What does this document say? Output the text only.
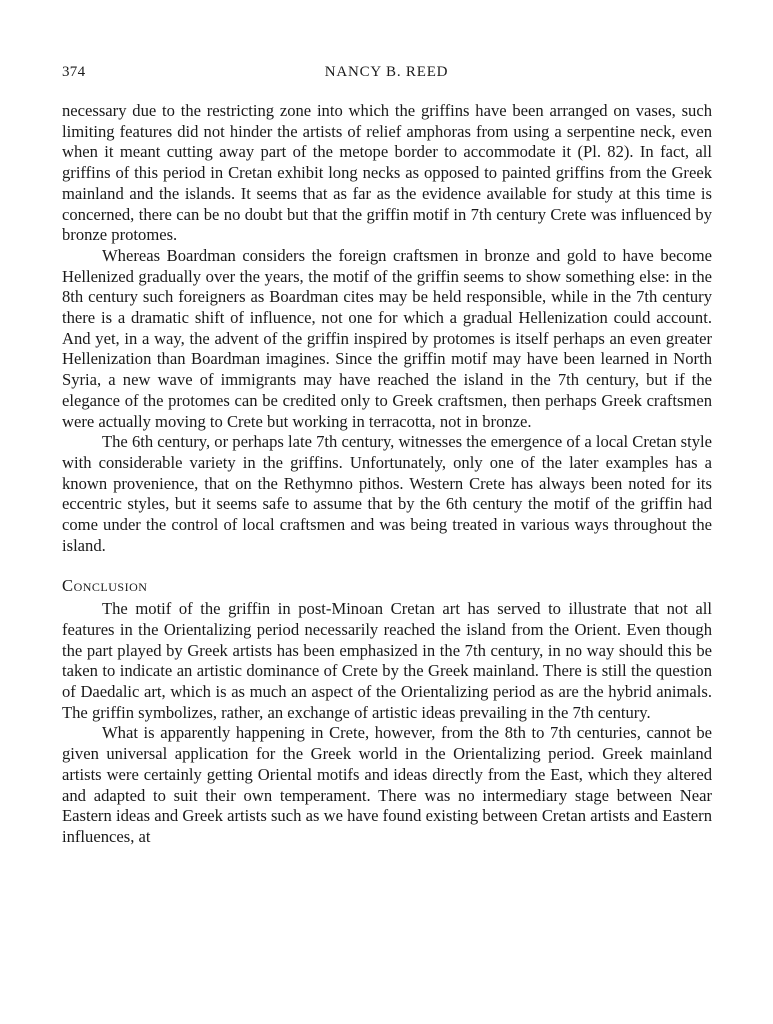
374	NANCY B. REED

necessary due to the restricting zone into which the griffins have been arranged on vases, such limiting features did not hinder the artists of relief amphoras from using a serpentine neck, even when it meant cutting away part of the metope border to accommodate it (Pl. 82). In fact, all griffins of this period in Cretan exhibit long necks as opposed to painted griffins from the Greek mainland and the islands. It seems that as far as the evidence available for study at this time is concerned, there can be no doubt but that the griffin motif in 7th century Crete was influenced by bronze protomes.

Whereas Boardman considers the foreign craftsmen in bronze and gold to have become Hellenized gradually over the years, the motif of the griffin seems to show something else: in the 8th century such foreigners as Boardman cites may be held responsible, while in the 7th century there is a dramatic shift of influence, not one for which a gradual Hellenization could account. And yet, in a way, the advent of the griffin inspired by protomes is itself perhaps an even greater Hellenization than Boardman imagines. Since the griffin motif may have been learned in North Syria, a new wave of immigrants may have reached the island in the 7th century, but if the elegance of the protomes can be credited only to Greek craftsmen, then perhaps Greek craftsmen were actually moving to Crete but working in terracotta, not in bronze.

The 6th century, or perhaps late 7th century, witnesses the emergence of a local Cretan style with considerable variety in the griffins. Unfortunately, only one of the later examples has a known provenience, that on the Rethymno pithos. Western Crete has always been noted for its eccentric styles, but it seems safe to assume that by the 6th century the motif of the griffin had come under the control of local craftsmen and was being treated in various ways throughout the island.

Conclusion

The motif of the griffin in post-Minoan Cretan art has served to illustrate that not all features in the Orientalizing period necessarily reached the island from the Orient. Even though the part played by Greek artists has been emphasized in the 7th century, in no way should this be taken to indicate an artistic dominance of Crete by the Greek mainland. There is still the question of Daedalic art, which is as much an aspect of the Orientalizing period as are the hybrid animals. The griffin symbolizes, rather, an exchange of artistic ideas prevailing in the 7th century.

What is apparently happening in Crete, however, from the 8th to 7th centuries, cannot be given universal application for the Greek world in the Orientalizing period. Greek mainland artists were certainly getting Oriental motifs and ideas directly from the East, which they altered and adapted to suit their own temperament. There was no intermediary stage between Near Eastern ideas and Greek artists such as we have found existing between Cretan artists and Eastern influences, at
